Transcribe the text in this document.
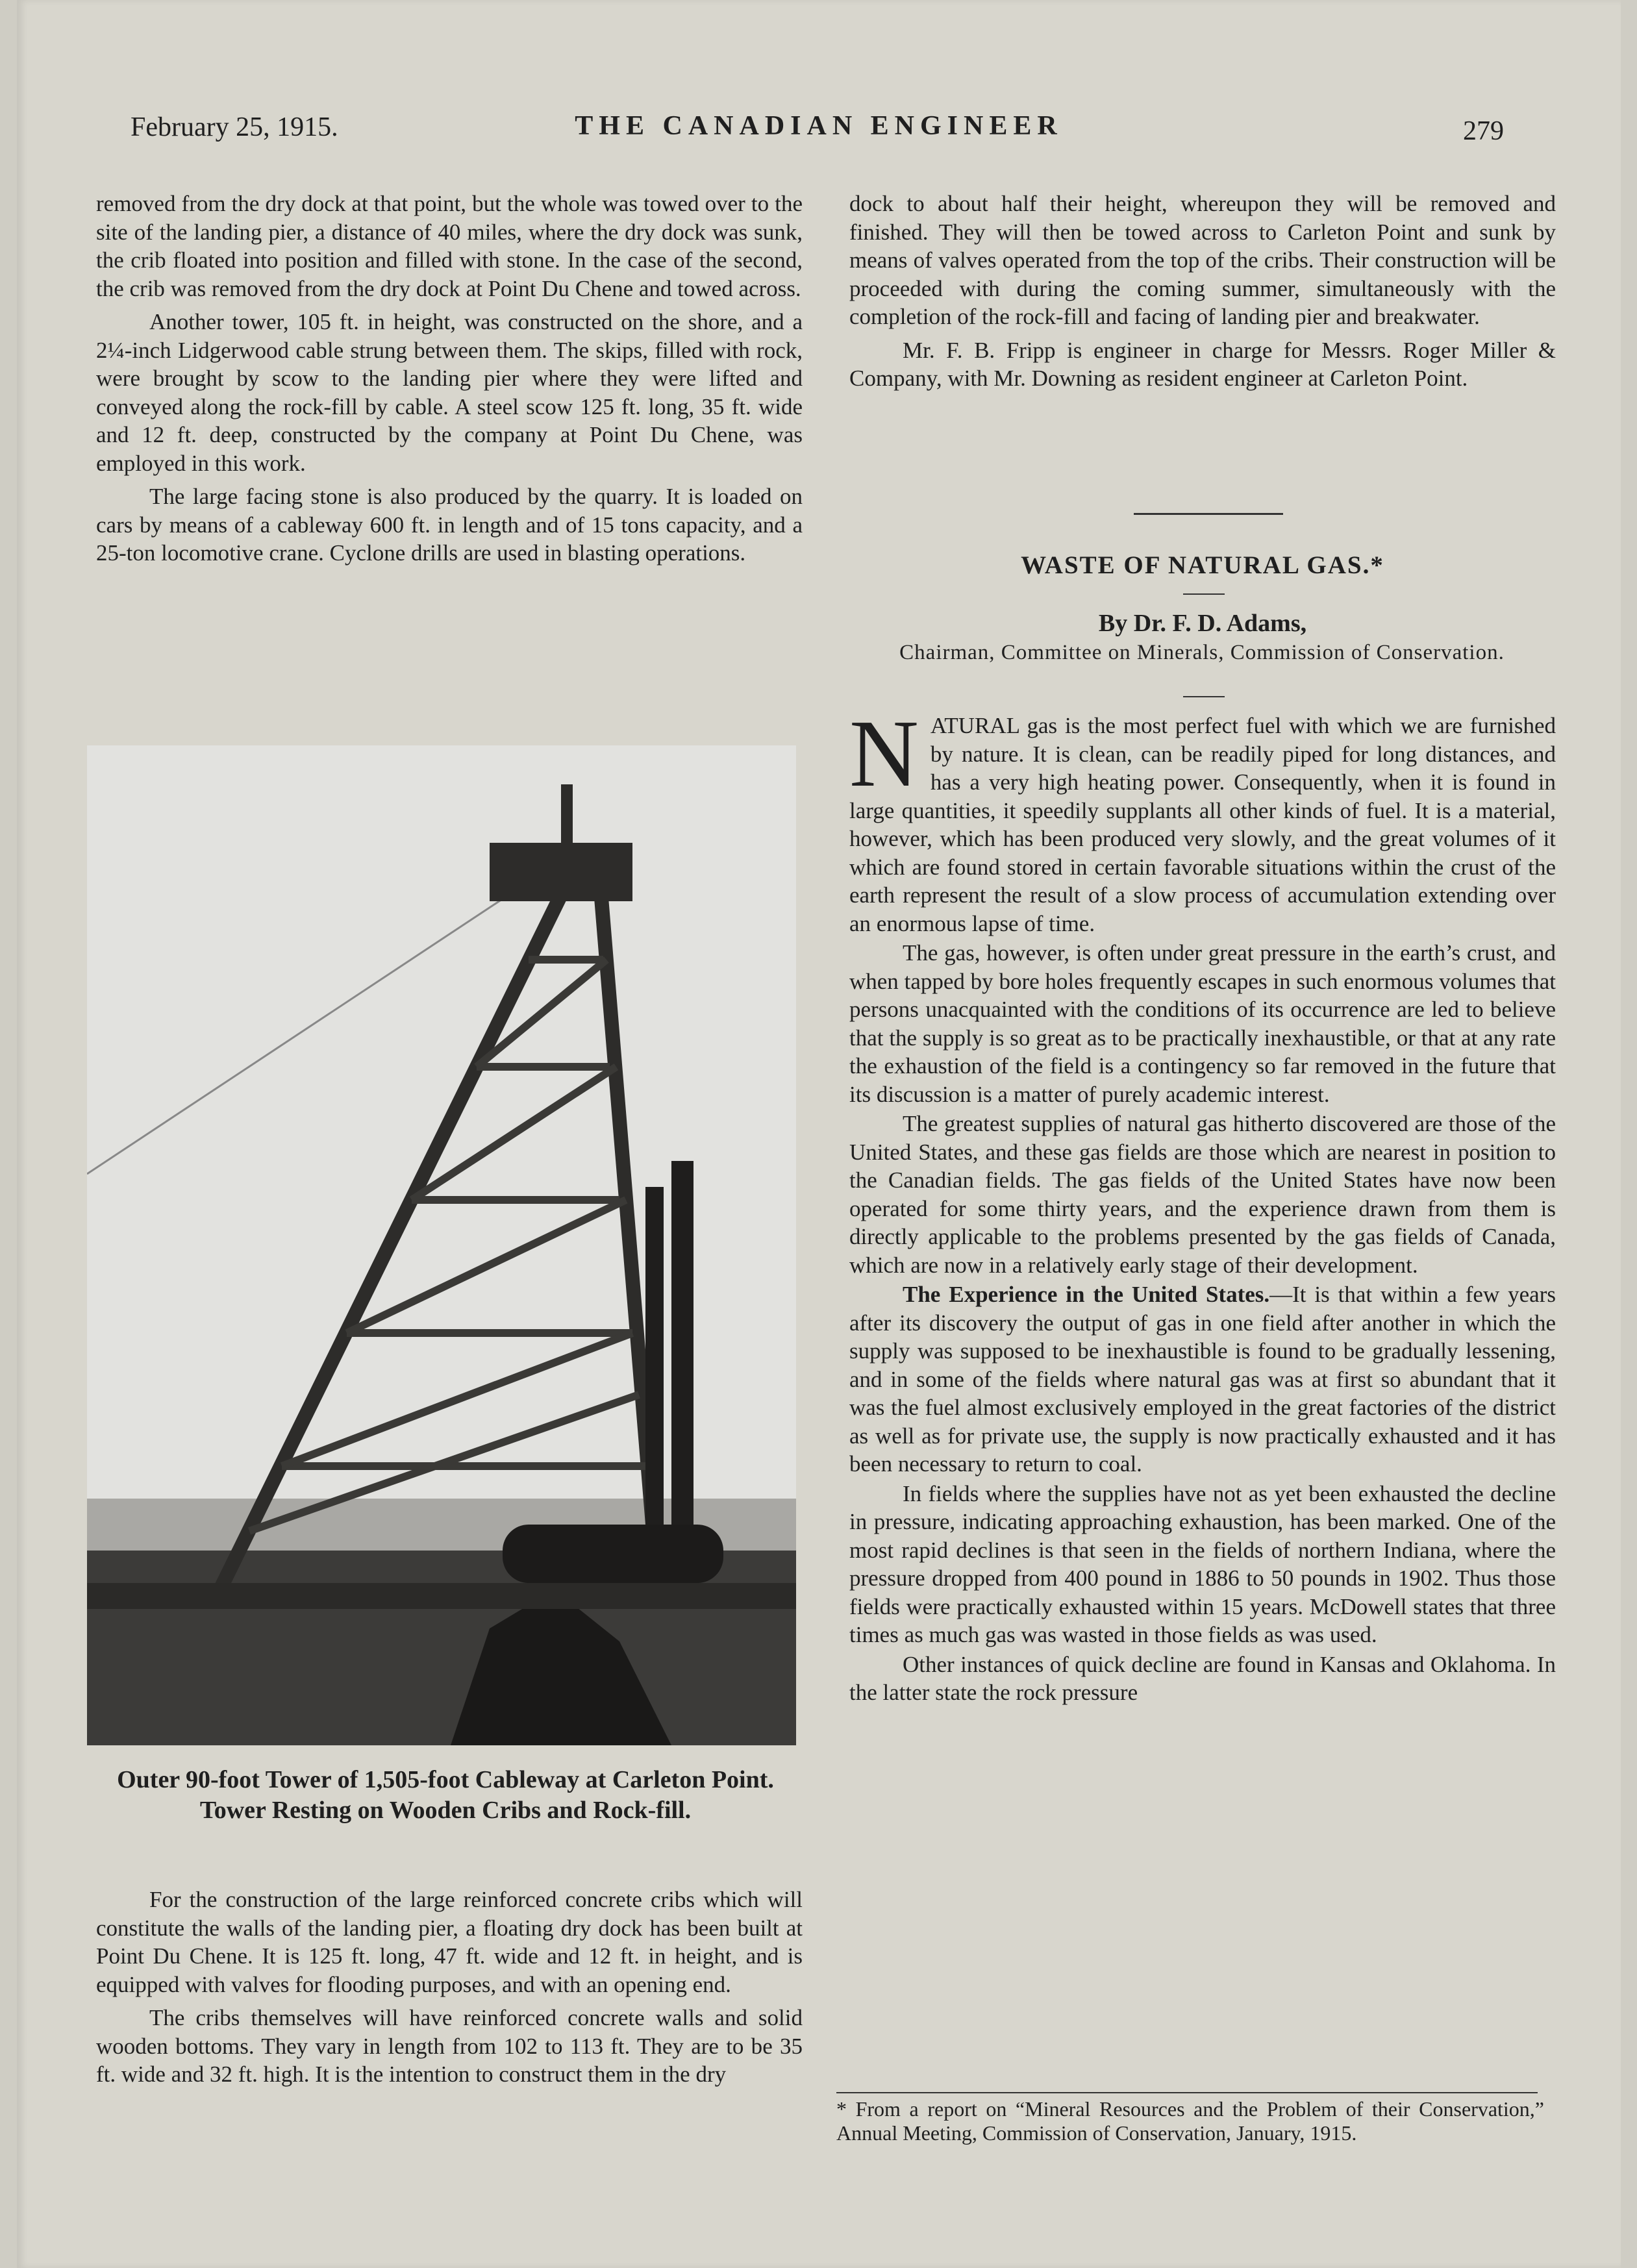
February 25, 1915.	THE CANADIAN ENGINEER	279

removed from the dry dock at that point, but the whole was towed over to the site of the landing pier, a distance of 40 miles, where the dry dock was sunk, the crib floated into position and filled with stone. In the case of the second, the crib was removed from the dry dock at Point Du Chene and towed across.

Another tower, 105 ft. in height, was constructed on the shore, and a 2¼-inch Lidgerwood cable strung between them. The skips, filled with rock, were brought by scow to the landing pier where they were lifted and conveyed along the rock-fill by cable. A steel scow 125 ft. long, 35 ft. wide and 12 ft. deep, constructed by the company at Point Du Chene, was employed in this work.

The large facing stone is also produced by the quarry. It is loaded on cars by means of a cableway 600 ft. in length and of 15 tons capacity, and a 25-ton locomotive crane. Cyclone drills are used in blasting operations.

Outer 90-foot Tower of 1,505-foot Cableway at Carleton Point. Tower Resting on Wooden Cribs and Rock-fill.

For the construction of the large reinforced concrete cribs which will constitute the walls of the landing pier, a floating dry dock has been built at Point Du Chene. It is 125 ft. long, 47 ft. wide and 12 ft. in height, and is equipped with valves for flooding purposes, and with an opening end.

The cribs themselves will have reinforced concrete walls and solid wooden bottoms. They vary in length from 102 to 113 ft. They are to be 35 ft. wide and 32 ft. high. It is the intention to construct them in the dry

dock to about half their height, whereupon they will be removed and finished. They will then be towed across to Carleton Point and sunk by means of valves operated from the top of the cribs. Their construction will be proceeded with during the coming summer, simultaneously with the completion of the rock-fill and facing of landing pier and breakwater.

Mr. F. B. Fripp is engineer in charge for Messrs. Roger Miller & Company, with Mr. Downing as resident engineer at Carleton Point.

WASTE OF NATURAL GAS.*
By Dr. F. D. Adams,
Chairman, Committee on Minerals, Commission of Conservation.

NATURAL gas is the most perfect fuel with which we are furnished by nature. It is clean, can be readily piped for long distances, and has a very high heating power. Consequently, when it is found in large quantities, it speedily supplants all other kinds of fuel. It is a material, however, which has been produced very slowly, and the great volumes of it which are found stored in certain favorable situations within the crust of the earth represent the result of a slow process of accumulation extending over an enormous lapse of time.

The gas, however, is often under great pressure in the earth’s crust, and when tapped by bore holes frequently escapes in such enormous volumes that persons unacquainted with the conditions of its occurrence are led to believe that the supply is so great as to be practically inexhaustible, or that at any rate the exhaustion of the field is a contingency so far removed in the future that its discussion is a matter of purely academic interest.

The greatest supplies of natural gas hitherto discovered are those of the United States, and these gas fields are those which are nearest in position to the Canadian fields. The gas fields of the United States have now been operated for some thirty years, and the experience drawn from them is directly applicable to the problems presented by the gas fields of Canada, which are now in a relatively early stage of their development.

The Experience in the United States.—It is that within a few years after its discovery the output of gas in one field after another in which the supply was supposed to be inexhaustible is found to be gradually lessening, and in some of the fields where natural gas was at first so abundant that it was the fuel almost exclusively employed in the great factories of the district as well as for private use, the supply is now practically exhausted and it has been necessary to return to coal.

In fields where the supplies have not as yet been exhausted the decline in pressure, indicating approaching exhaustion, has been marked. One of the most rapid declines is that seen in the fields of northern Indiana, where the pressure dropped from 400 pound in 1886 to 50 pounds in 1902. Thus those fields were practically exhausted within 15 years. McDowell states that three times as much gas was wasted in those fields as was used.

Other instances of quick decline are found in Kansas and Oklahoma. In the latter state the rock pressure

* From a report on “Mineral Resources and the Problem of their Conservation,” Annual Meeting, Commission of Conservation, January, 1915.
